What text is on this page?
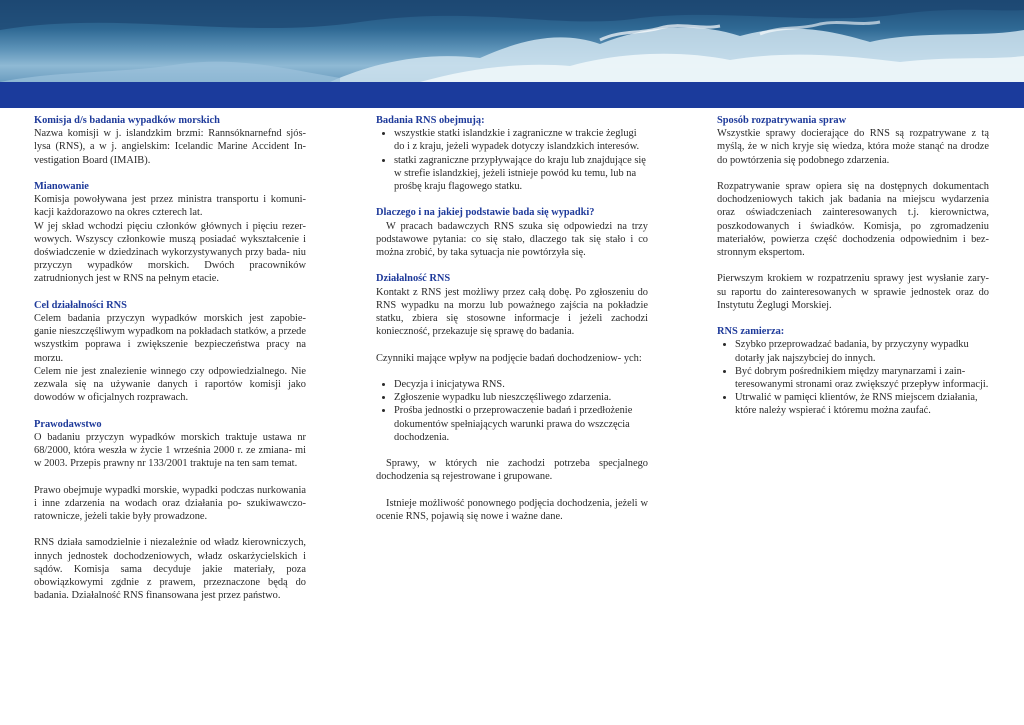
Komisja d/s badania wypadków morskich
Nazwa komisji w j. islandzkim brzmi: Rannsóknarnefnd sjós- lysa (RNS), a w j. angielskim: Icelandic Marine Accident In- vestigation Board (IMAIB).
Mianowanie
Komisja powoływana jest przez ministra transportu i komuni- kacji każdorazowo na okres czterech lat.
W jej skład wchodzi pięciu członków głównych i pięciu rezer- wowych. Wszyscy członkowie muszą posiadać wykształcenie i doświadczenie w dziedzinach wykorzystywanych przy bada- niu przyczyn wypadków morskich. Dwóch pracowników zatrudnionych jest w RNS na pełnym etacie.
Cel działalności RNS
Celem badania przyczyn wypadków morskich jest zapobie- ganie nieszczęśliwym wypadkom na pokładach statków, a przede wszystkim poprawa i zwiększenie bezpieczeństwa pracy na morzu.
Celem nie jest znalezienie winnego czy odpowiedzialnego. Nie zezwala się na używanie danych i raportów komisji jako dowodów w oficjalnych rozprawach.
Prawodawstwo
O badaniu przyczyn wypadków morskich traktuje ustawa nr 68/2000, która weszła w życie 1 września 2000 r. ze zmiana- mi w 2003. Przepis prawny nr 133/2001 traktuje na ten sam temat.
Prawo obejmuje wypadki morskie, wypadki podczas nurkowania i inne zdarzenia na wodach oraz działania po- szukiwawczo- ratownicze, jeżeli takie były prowadzone.
RNS działa samodzielnie i niezależnie od władz kierowniczych, innych jednostek dochodzeniowych, władz oskarżycielskich i sądów. Komisja sama decyduje jakie materiały, poza obowiązkowymi zgdnie z prawem, przeznaczone będą do badania. Działalność RNS finansowana jest przez państwo.
Badania RNS obejmują:
• wszystkie statki islandzkie i zagraniczne w trakcie żeglugi do i z kraju, jeżeli wypadek dotyczy islandzkich interesów.
• statki zagraniczne przypływające do kraju lub znajdujące się w strefie islandzkiej, jeżeli istnieje powód ku temu, lub na prośbę kraju flagowego statku.
Dlaczego i na jakiej podstawie bada się wypadki?
W pracach badawczych RNS szuka się odpowiedzi na trzy podstawowe pytania: co się stało, dlaczego tak się stało i co można zrobić, by taka sytuacja nie powtórzyła się.
Działalność RNS
Kontakt z RNS jest możliwy przez całą dobę. Po zgłoszeniu do RNS wypadku na morzu lub poważnego zajścia na pokładzie statku, zbiera się stosowne informacje i jeżeli zachodzi konieczność, przekazuje się sprawę do badania.
Czynniki mające wpływ na podjęcie badań dochodzeniow- ych:
• Decyzja i inicjatywa RNS.
• Zgłoszenie wypadku lub nieszczęśliwego zdarzenia.
• Prośba jednostki o przeprowaczenie badań i przedłożenie dokumentów spełniających warunki prawa do wszczęcia dochodzenia.
Sprawy, w których nie zachodzi potrzeba specjalnego dochodzenia są rejestrowane i grupowane.
Istnieje możliwość ponownego podjęcia dochodzenia, jeżeli w ocenie RNS, pojawią się nowe i ważne dane.
Sposób rozpatrywania spraw
Wszystkie sprawy docierające do RNS są rozpatrywane z tą myślą, że w nich kryje się wiedza, która może stanąć na drodze do powtórzenia się podobnego zdarzenia.
Rozpatrywanie spraw opiera się na dostępnych dokumentach dochodzeniowych takich jak badania na miejscu wydarzenia oraz oświadczeniach zainteresowanych t.j. kierownictwa, poszkodowanych i świadków. Komisja, po zgromadzeniu materiałów, powierza część dochodzenia odpowiednim i bez- stronnym ekspertom.
Pierwszym krokiem w rozpatrzeniu sprawy jest wysłanie zary- su raportu do zainteresowanych w sprawie jednostek oraz do Instytutu Żeglugi Morskiej.
RNS zamierza:
• Szybko przeprowadzać badania, by przyczyny wypadku dotarły jak najszybciej do innych.
• Być dobrym pośrednikiem między marynarzami i zain- teresowanymi stronami oraz zwiększyć przepływ informacji.
• Utrwalić w pamięci klientów, że RNS miejscem działania, które należy wspierać i któremu można zaufać.
